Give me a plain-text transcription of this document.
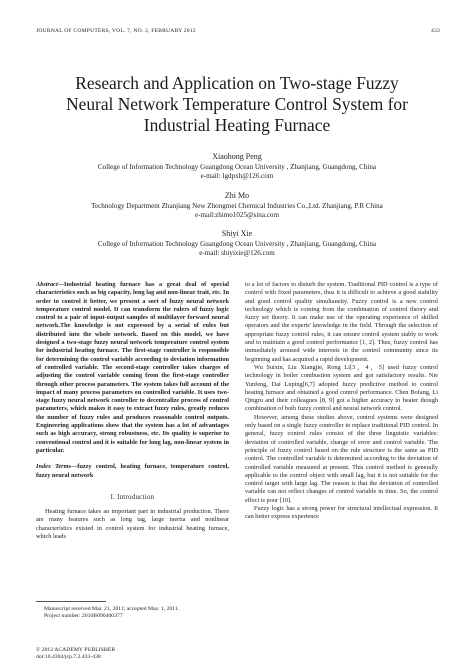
JOURNAL OF COMPUTERS, VOL. 7, NO. 2, FEBRUARY 2012	433
Research and Application on Two-stage Fuzzy
Neural Network Temperature Control System for
Industrial Heating Furnace
Xiaohong Peng
College of Information Technology Guangdong Ocean University , Zhanjiang, Guangdong, China
e-mail: lgdpxh@126.com
Zhi Mo
Technology Department Zhanjiang New Zhongmei Chemical Industries Co.,Ltd. Zhanjiang, P.R China
e-mail:zhimo1025@sina.com
Shiyi Xie
College of Information Technology Guangdong Ocean University , Zhanjiang, Guangdong, China
e-mail: shiyixie@126.com
Abstract—Industrial heating furnace has a great deal of special characteristics such as big capacity, long lag and non-linear trait, etc. In order to control it better, we present a sort of fuzzy neural network temperature control model. It can transform the rulers of fuzzy logic control to a pair of input-output samples of multilayer forward neural network.The knowledge is not expressed by a serial of rules but distributed into the whole network. Based on this model, we have designed a two-stage fuzzy neural network temperature control system for industrial heating furnace. The first-stage controller is responsible for determining the control variable according to deviation information of controlled variable. The second-stage controller takes charges of adjusting the control variable coming from the first-stage controller through other process parameters. The system takes full account of the impact of many process parameters on controlled variable. It uses two-stage fuzzy neural network controller to decentralize process of control parameters, which makes it easy to extract fuzzy rules, greatly reduces the number of fuzzy rules and produces reasonable control outputs. Engineering applications show that the system has a lot of advantages such as high accuracy, strong robustness, etc. Its quality is superior to conventional control and it is suitable for long lag, non-linear system in particular.
Index Terms—fuzzy control, heating furnace, temperature control, fuzzy neural network
I. Introduction

Heating furnace takes an important part in industrial production. There are many features such as long tag, large inertia and nonlinear characteristics existed in control system for industrial heating furnace, which leads

to a lot of factors to disturb the system. Traditional PID control is a type of control with fixed parameters, thus it is difficult to achieve a good stability and good control quality simultaneity. Fuzzy control is a new control technology which is coming from the combination of control theory and fuzzy set theory. It can make use of the operating experience of skilled operators and the experts' knowledge in the field. Through the selection of appropriate fuzzy control rules, it can ensure control system stably to work and to maintain a good control performance [1, 2]. Thus, fuzzy control has immediately aroused wide interests in the control community since its beginning and has acquired a rapid development.

Wu Suixin, Liu Xiangjie, Rong Li[3，4，5] used fuzzy control technology in boiler combustion system and got satisfactory results. Nie Yunfeng, Dai Luping[6,7] adopted fuzzy predictive method to control heating furnace and obtained a good control performance. Chen Bofang, Li Qingru and their colleagues [8, 9] got a higher accuracy to heater though combination of both fuzzy control and neural network control.

However, among these studies above, control systems were designed only based on a single fuzzy controller to replace traditional PID control. In general, fuzzy control rules consist of the three linguistic variables: deviation of controlled variable, change of error and control variable. The principle of fuzzy control based on the rule structure is the same as PID control. The controlled variable is determined according to the deviation of controlled variable measured at present. This control method is generally applicable to the control object with small lag, but it is not suitable for the control target with large lag. The reason is that the deviation of controlled variable can not reflect changes of control variable in time. So, the control effect is poor [10].

Fuzzy logic has a strong power for structural intellectual expression. It can better express experience

Manuscript received Mar. 21, 2011; accepted May. 1, 2011.
Project number: 2010B090400377
© 2012 ACADEMY PUBLISHER
doi:10.4304/jcp.7.2.433-438
